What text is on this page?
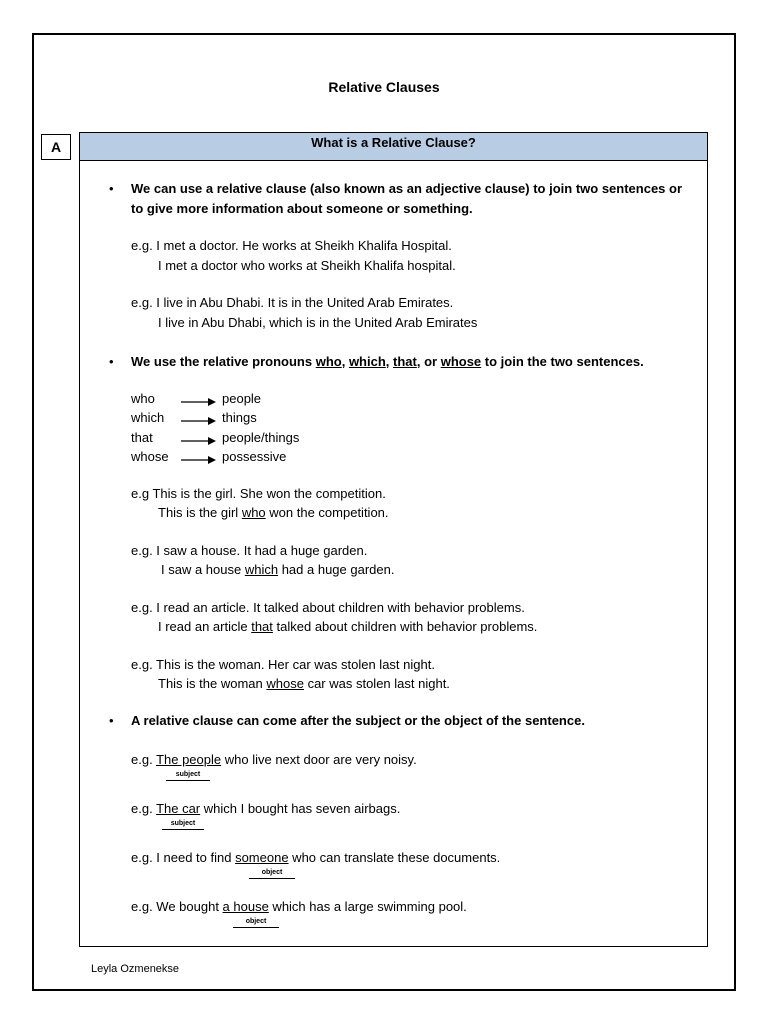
Relative Clauses
A	What is a Relative Clause?
• We can use a relative clause (also known as an adjective clause) to join two sentences or
to give more information about someone or something.
e.g. I met a doctor. He works at Sheikh Khalifa Hospital.
I met a doctor who works at Sheikh Khalifa hospital.
e.g. I live in Abu Dhabi. It is in the United Arab Emirates.
I live in Abu Dhabi, which is in the United Arab Emirates
• We use the relative pronouns who, which, that, or whose to join the two sentences.
who	people
which	things
that	people/things
whose	possessive
e.g This is the girl. She won the competition.
This is the girl who won the competition.
e.g. I saw a house. It had a huge garden.
I saw a house which had a huge garden.
e.g. I read an article. It talked about children with behavior problems.
I read an article that talked about children with behavior problems.
e.g. This is the woman. Her car was stolen last night.
This is the woman whose car was stolen last night.
• A relative clause can come after the subject or the object of the sentence.
e.g. The people who live next door are very noisy.
subject
e.g. The car which I bought has seven airbags.
subject
e.g. I need to find someone who can translate these documents.
object
e.g. We bought a house which has a large swimming pool.
object
Leyla Ozmenekse
